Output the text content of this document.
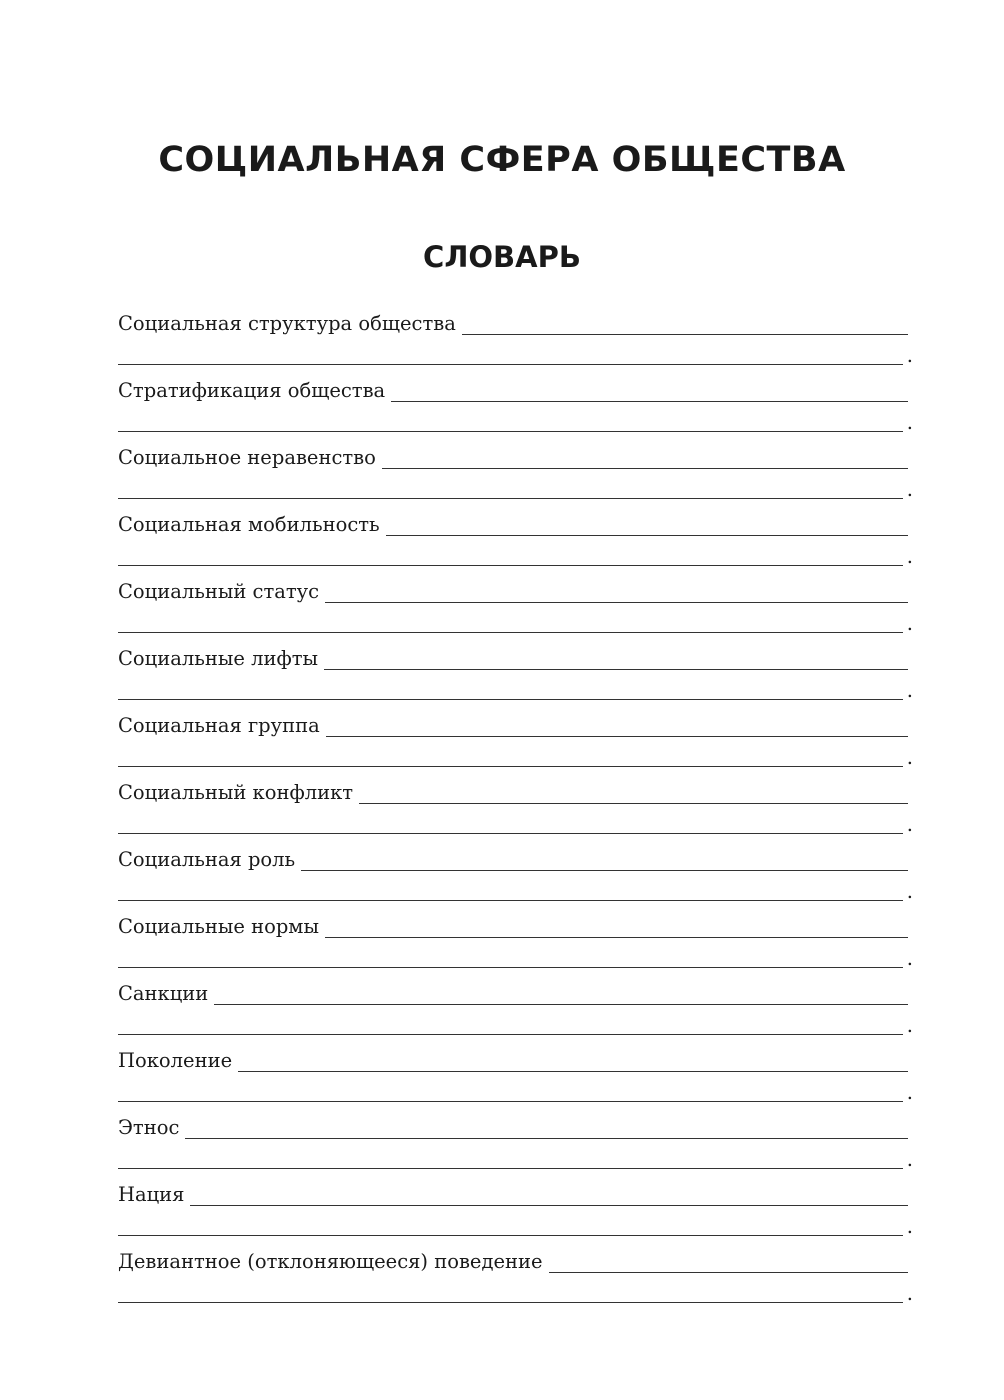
СОЦИАЛЬНАЯ СФЕРА ОБЩЕСТВА
СЛОВАРЬ
Социальная структура общества
.
Стратификация общества
.
Социальное неравенство
.
Социальная мобильность
.
Социальный статус
.
Социальные лифты
.
Социальная группа
.
Социальный конфликт
.
Социальная роль
.
Социальные нормы
.
Санкции
.
Поколение
.
Этнос
.
Нация
.
Девиантное (отклоняющееся) поведение
.
